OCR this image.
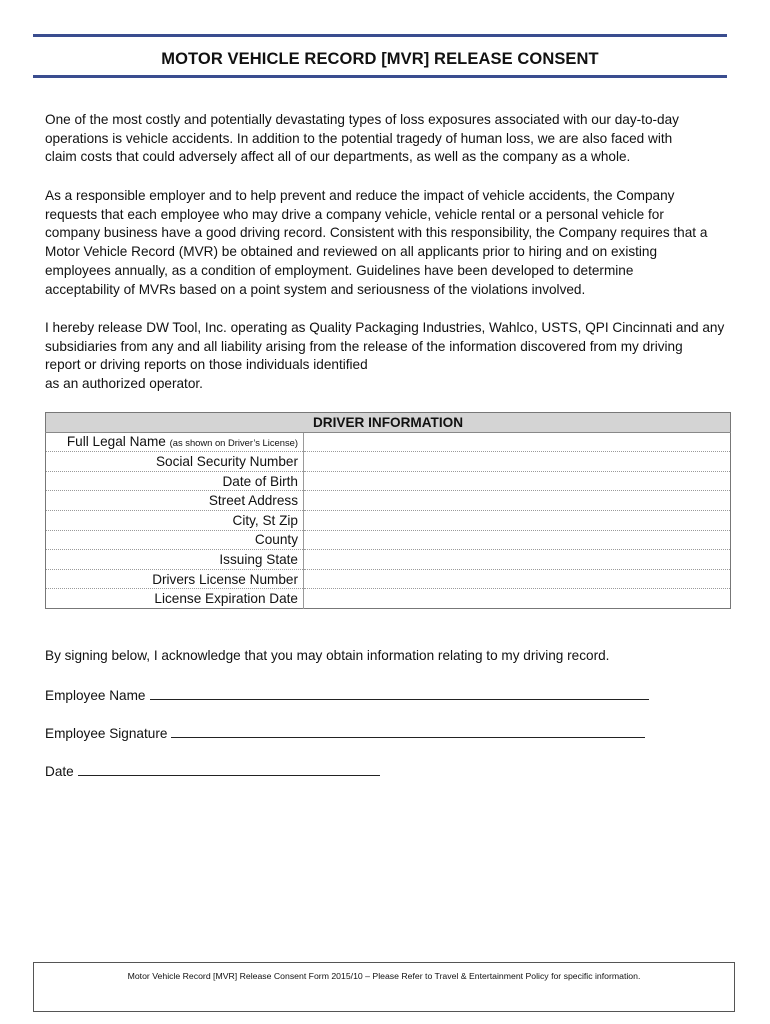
MOTOR VEHICLE RECORD [MVR] RELEASE CONSENT

One of the most costly and potentially devastating types of loss exposures associated with our day-to-day
operations is vehicle accidents. In addition to the potential tragedy of human loss, we are also faced with
claim costs that could adversely affect all of our departments, as well as the company as a whole.

As a responsible employer and to help prevent and reduce the impact of vehicle accidents, the Company
requests that each employee who may drive a company vehicle, vehicle rental or a personal vehicle for
company business have a good driving record. Consistent with this responsibility, the Company requires that a
Motor Vehicle Record (MVR) be obtained and reviewed on all applicants prior to hiring and on existing
employees annually, as a condition of employment. Guidelines have been developed to determine
acceptability of MVRs based on a point system and seriousness of the violations involved.

I hereby release DW Tool, Inc. operating as Quality Packaging Industries, Wahlco, USTS, QPI Cincinnati and any
subsidiaries from any and all liability arising from the release of the information discovered from my driving
report or driving reports on those individuals identified
as an authorized operator.

DRIVER INFORMATION	
Full Legal Name (as shown on Driver’s License)	
Social Security Number	
Date of Birth	
Street Address	
City, St Zip	
County	
Issuing State	
Drivers License Number	
License Expiration Date	
By signing below, I acknowledge that you may obtain information relating to my driving record.
Employee Name
Employee Signature
Date
Motor Vehicle Record [MVR] Release Consent Form 2015/10 – Please Refer to Travel & Entertainment Policy for specific information.
